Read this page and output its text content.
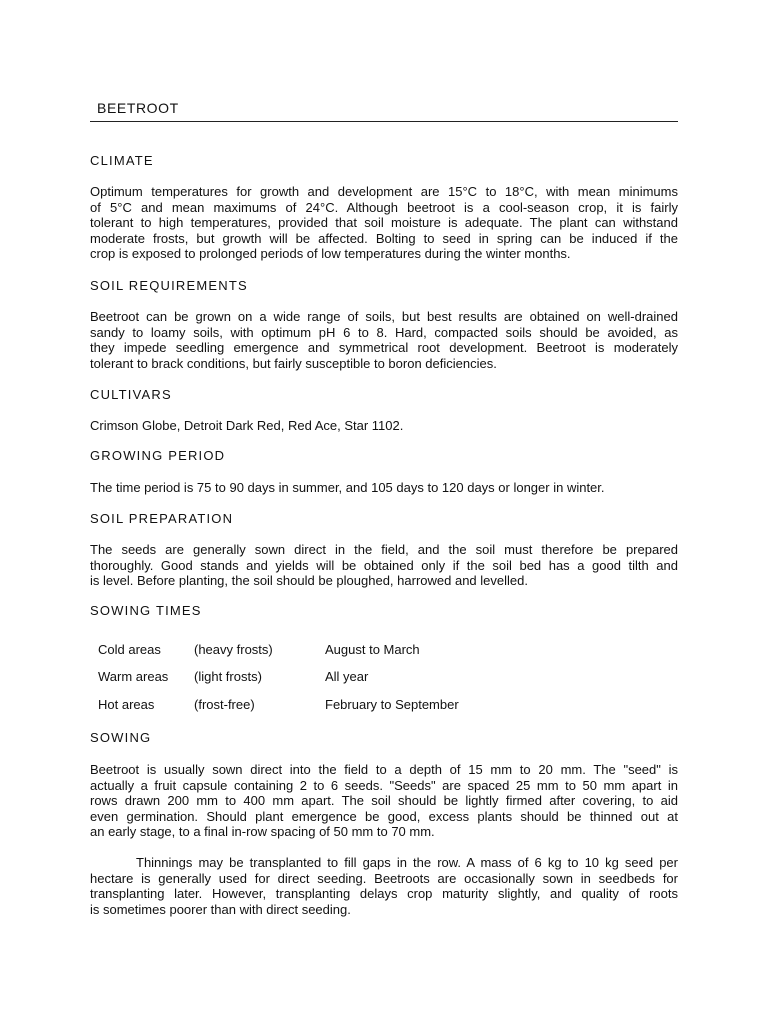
BEETROOT
CLIMATE
Optimum temperatures for growth and development are 15°C to 18°C, with mean minimums
of 5°C and mean maximums of 24°C. Although beetroot is a cool-season crop, it is fairly
tolerant to high temperatures, provided that soil moisture is adequate. The plant can withstand
moderate frosts, but growth will be affected. Bolting to seed in spring can be induced if the
crop is exposed to prolonged periods of low temperatures during the winter months.
SOIL REQUIREMENTS
Beetroot can be grown on a wide range of soils, but best results are obtained on well-drained
sandy to loamy soils, with optimum pH 6 to 8. Hard, compacted soils should be avoided, as
they impede seedling emergence and symmetrical root development. Beetroot is moderately
tolerant to brack conditions, but fairly susceptible to boron deficiencies.
CULTIVARS
Crimson Globe, Detroit Dark Red, Red Ace, Star 1102.
GROWING PERIOD
The time period is 75 to 90 days in summer, and 105 days to 120 days or longer in winter.
SOIL PREPARATION
The seeds are generally sown direct in the field, and the soil must therefore be prepared
thoroughly. Good stands and yields will be obtained only if the soil bed has a good tilth and
is level. Before planting, the soil should be ploughed, harrowed and levelled.
SOWING TIMES
Cold areas	(heavy frosts)	August to March
Warm areas (light frosts)	All year
Hot areas	(frost-free)	February to September
SOWING
Beetroot is usually sown direct into the field to a depth of 15 mm to 20 mm. The "seed" is
actually a fruit capsule containing 2 to 6 seeds. "Seeds" are spaced 25 mm to 50 mm apart in
rows drawn 200 mm to 400 mm apart. The soil should be lightly firmed after covering, to aid
even germination. Should plant emergence be good, excess plants should be thinned out at
an early stage, to a final in-row spacing of 50 mm to 70 mm.
Thinnings may be transplanted to fill gaps in the row. A mass of 6 kg to 10 kg seed per
hectare is generally used for direct seeding. Beetroots are occasionally sown in seedbeds for
transplanting later. However, transplanting delays crop maturity slightly, and quality of roots
is sometimes poorer than with direct seeding.
